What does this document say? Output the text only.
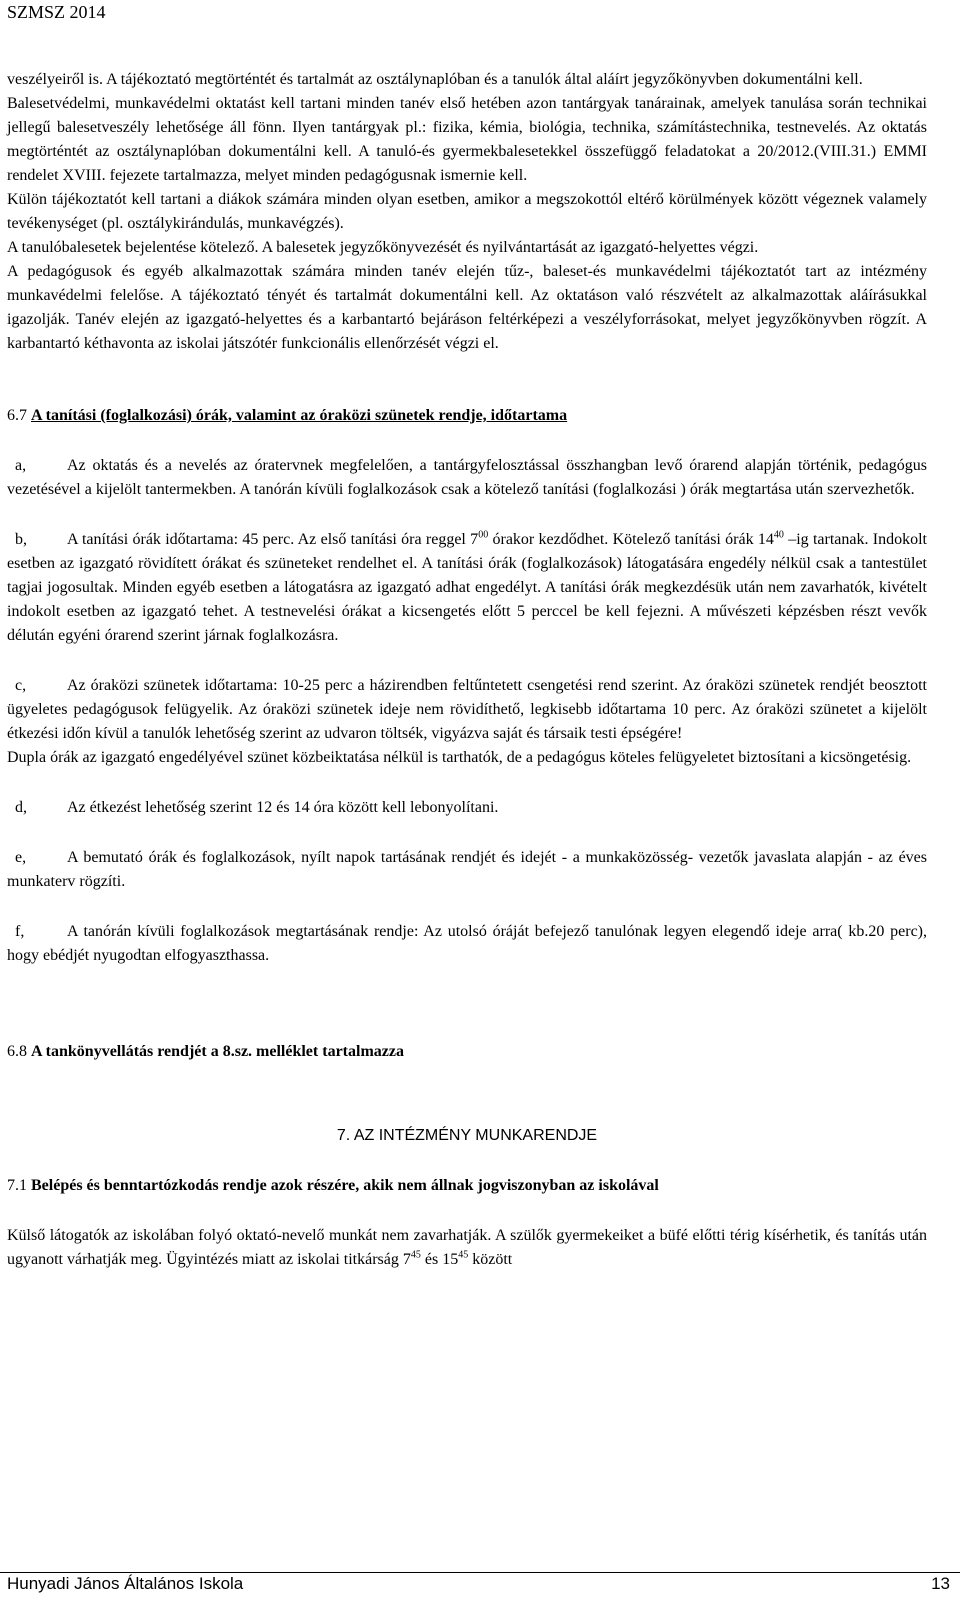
SZMSZ 2014

veszélyeiről is. A tájékoztató megtörténtét és tartalmát az osztálynaplóban és a tanulók által aláírt jegyzőkönyvben dokumentálni kell.

Balesetvédelmi, munkavédelmi oktatást kell tartani minden tanév első hetében azon tantárgyak tanárainak, amelyek tanulása során technikai jellegű balesetveszély lehetősége áll fönn. Ilyen tantárgyak pl.: fizika, kémia, biológia, technika, számítástechnika, testnevelés. Az oktatás megtörténtét az osztálynaplóban dokumentálni kell. A tanuló-és gyermekbalesetekkel összefüggő feladatokat a 20/2012.(VIII.31.) EMMI rendelet XVIII. fejezete tartalmazza, melyet minden pedagógusnak ismernie kell.

Külön tájékoztatót kell tartani a diákok számára minden olyan esetben, amikor a megszokottól eltérő körülmények között végeznek valamely tevékenységet (pl. osztálykirándulás, munkavégzés).

A tanulóbalesetek bejelentése kötelező. A balesetek jegyzőkönyvezését és nyilvántartását az igazgató-helyettes végzi.

A pedagógusok és egyéb alkalmazottak számára minden tanév elején tűz-, baleset-és munkavédelmi tájékoztatót tart az intézmény munkavédelmi felelőse. A tájékoztató tényét és tartalmát dokumentálni kell. Az oktatáson való részvételt az alkalmazottak aláírásukkal igazolják. Tanév elején az igazgató-helyettes és a karbantartó bejáráson feltérképezi a veszélyforrásokat, melyet jegyzőkönyvben rögzít. A karbantartó kéthavonta az iskolai játszótér funkcionális ellenőrzését végzi el.

6.7 A tanítási (foglalkozási) órák, valamint az óraközi szünetek rendje, időtartama

a,	Az oktatás és a nevelés az óratervnek megfelelően, a tantárgyfelosztással összhangban levő órarend alapján történik, pedagógus vezetésével a kijelölt tantermekben. A tanórán kívüli foglalkozások csak a kötelező tanítási (foglalkozási ) órák megtartása után szervezhetők.

b,	A tanítási órák időtartama: 45 perc. Az első tanítási óra reggel $7^{00}$ órakor kezdődhet. Kötelező tanítási órák $14^{40}$ –ig tartanak. Indokolt esetben az igazgató rövidített órákat és szüneteket rendelhet el. A tanítási órák (foglalkozások) látogatására engedély nélkül csak a tantestület tagjai jogosultak. Minden egyéb esetben a látogatásra az igazgató adhat engedélyt. A tanítási órák megkezdésük után nem zavarhatók, kivételt indokolt esetben az igazgató tehet. A testnevelési órákat a kicsengetés előtt 5 perccel be kell fejezni. A művészeti képzésben részt vevők délután egyéni órarend szerint járnak foglalkozásra.

c,	Az óraközi szünetek időtartama: 10-25 perc a házirendben feltűntetett csengetési rend szerint. Az óraközi szünetek rendjét beosztott ügyeletes pedagógusok felügyelik. Az óraközi szünetek ideje nem rövidíthető, legkisebb időtartama 10 perc. Az óraközi szünetet a kijelölt étkezési időn kívül a tanulók lehetőség szerint az udvaron töltsék, vigyázva saját és társaik testi épségére!

Dupla órák az igazgató engedélyével szünet közbeiktatása nélkül is tarthatók, de a pedagógus köteles felügyeletet biztosítani a kicsöngetésig.

d,	Az étkezést lehetőség szerint 12 és 14 óra között kell lebonyolítani.

e,	A bemutató órák és foglalkozások, nyílt napok tartásának rendjét és idejét - a munkaközösség- vezetők javaslata alapján - az éves munkaterv rögzíti.

f,	A tanórán kívüli foglalkozások megtartásának rendje: Az utolsó óráját befejező tanulónak legyen elegendő ideje arra( kb.20 perc), hogy ebédjét nyugodtan elfogyaszthassa.

6.8 A tankönyvellátás rendjét a 8.sz. melléklet tartalmazza

7. AZ INTÉZMÉNY MUNKARENDJE

7.1 Belépés és benntartózkodás rendje azok részére, akik nem állnak jogviszonyban az iskolával

Külső látogatók az iskolában folyó oktató-nevelő munkát nem zavarhatják. A szülők gyermekeiket a büfé előtti térig kísérhetik, és tanítás után ugyanott várhatják meg. Ügyintézés miatt az iskolai titkárság $7^{45}$ és $15^{45}$ között

Hunyadi János Általános Iskola	13
